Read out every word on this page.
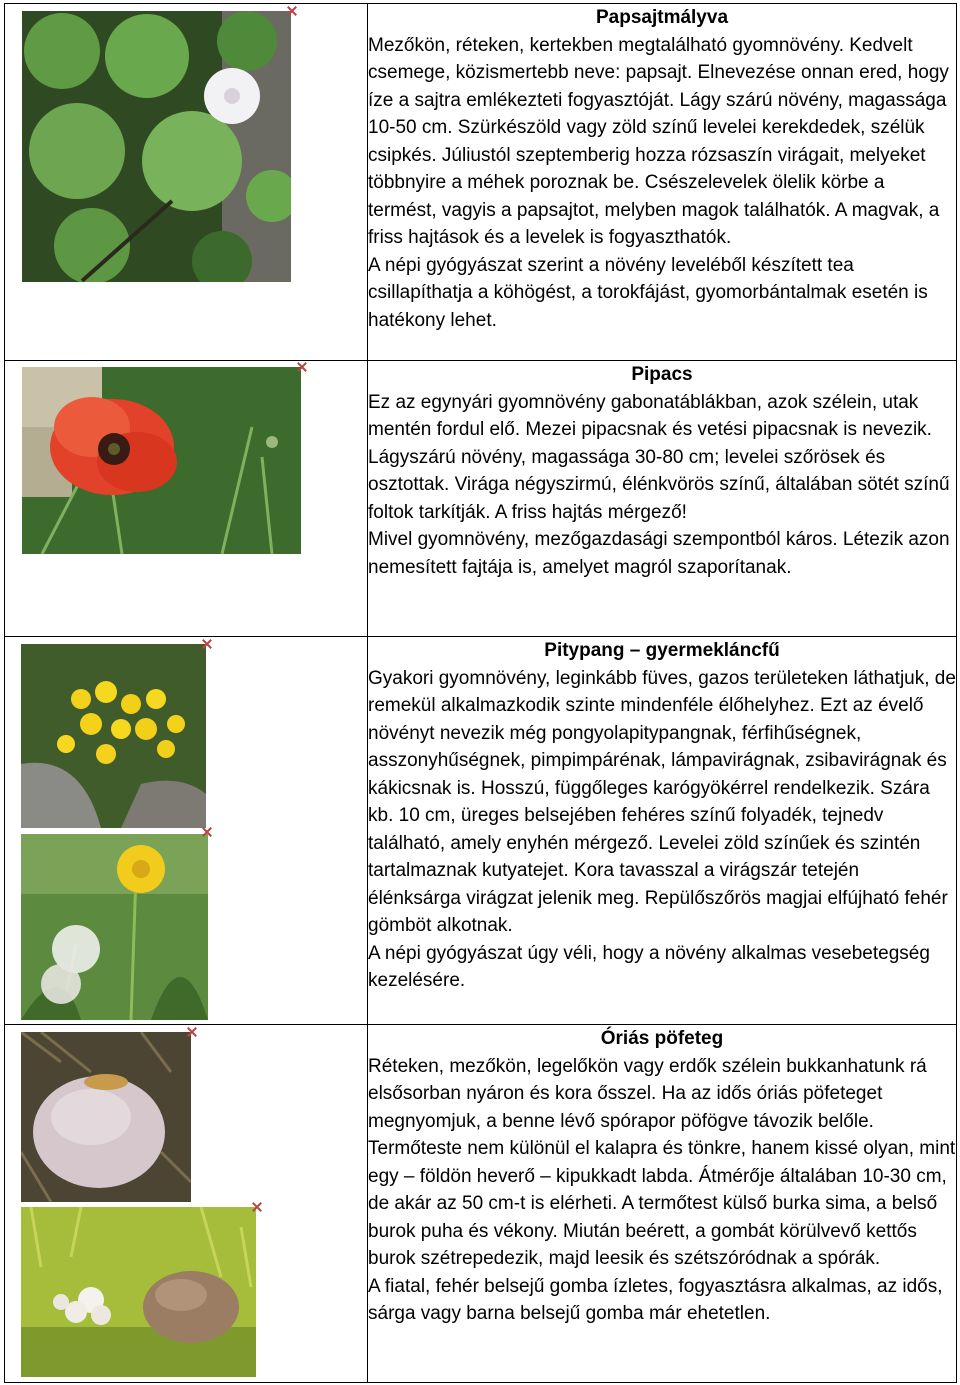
Papsajtmályva

Mezőkön, réteken, kertekben megtalálható gyomnövény. Kedvelt csemege, közismertebb neve: papsajt. Elnevezése onnan ered, hogy íze a sajtra emlékezteti fogyasztóját. Lágy szárú növény, magassága 10-50 cm. Szürkészöld vagy zöld színű levelei kerekdedek, szélük csipkés. Júliustól szeptemberig hozza rózsaszín virágait, melyeket többnyire a méhek poroznak be. Csészelevelek ölelik körbe a termést, vagyis a papsajtot, melyben magok találhatók. A magvak, a friss hajtások és a levelek is fogyaszthatók.

A népi gyógyászat szerint a növény leveléből készített tea csillapíthatja a köhögést, a torokfájást, gyomorbántalmak esetén is hatékony lehet.

Pipacs

Ez az egynyári gyomnövény gabonatáblákban, azok szélein, utak mentén fordul elő. Mezei pipacsnak és vetési pipacsnak is nevezik.

Lágyszárú növény, magassága 30-80 cm; levelei szőrösek és osztottak. Virága négyszirmú, élénkvörös színű, általában sötét színű foltok tarkítják. A friss hajtás mérgező!

Mivel gyomnövény, mezőgazdasági szempontból káros. Létezik azon nemesített fajtája is, amelyet magról szaporítanak.

Pitypang – gyermekláncfű

Gyakori gyomnövény, leginkább füves, gazos területeken láthatjuk, de remekül alkalmazkodik szinte mindenféle élőhelyhez. Ezt az évelő növényt nevezik még pongyolapitypangnak, férfihűségnek, asszonyhűségnek, pimpimpárénak, lámpavirágnak, zsibavirágnak és kákicsnak is. Hosszú, függőleges karógyökérrel rendelkezik. Szára kb. 10 cm, üreges belsejében fehéres színű folyadék, tejnedv található, amely enyhén mérgező. Levelei zöld színűek és szintén tartalmaznak kutyatejet. Kora tavasszal a virágszár tetején élénksárga virágzat jelenik meg. Repülőszőrös magjai elfújható fehér gömböt alkotnak.

A népi gyógyászat úgy véli, hogy a növény alkalmas vesebetegség kezelésére.

Óriás pöfeteg

Réteken, mezőkön, legelőkön vagy erdők szélein bukkanhatunk rá elsősorban nyáron és kora ősszel. Ha az idős óriás pöfeteget megnyomjuk, a benne lévő spórapor pöfögve távozik belőle.

Termőteste nem különül el kalapra és tönkre, hanem kissé olyan, mint egy – földön heverő – kipukkadt labda. Átmérője általában 10-30 cm, de akár az 50 cm-t is elérheti. A termőtest külső burka sima, a belső burok puha és vékony. Miután beérett, a gombát körülvevő kettős burok szétrepedezik, majd leesik és szétszóródnak a spórák.

A fiatal, fehér belsejű gomba ízletes, fogyasztásra alkalmas, az idős, sárga vagy barna belsejű gomba már ehetetlen.
